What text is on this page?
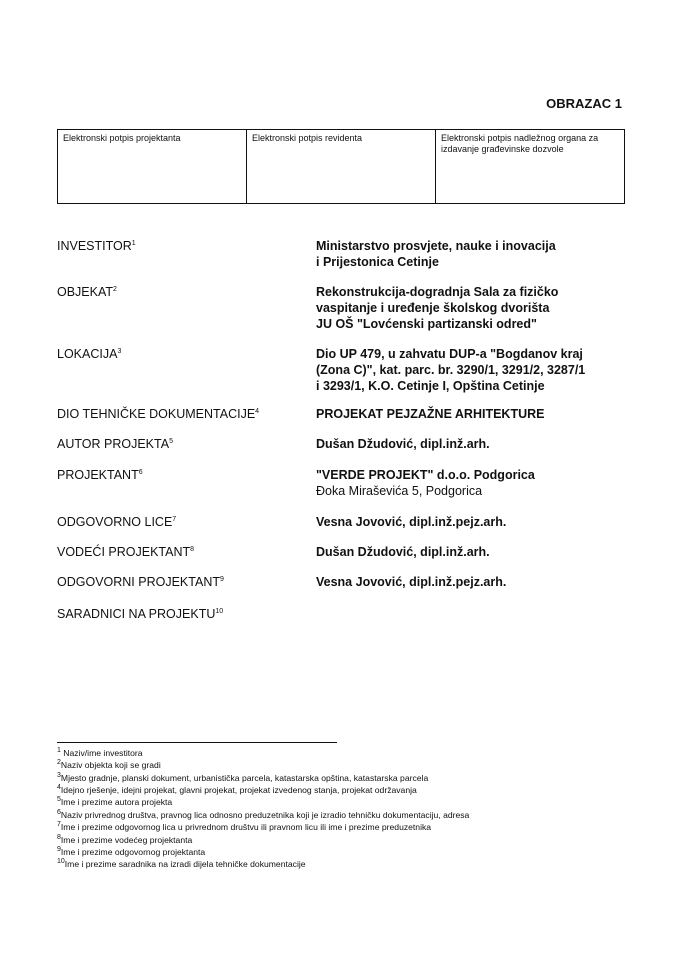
OBRAZAC 1
Elektronski potpis projektanta	Elektronski potpis revidenta	Elektronski potpis nadležnog organa za izdavanje građevinske dozvole
INVESTITOR$^1$	Ministarstvo prosvjete, nauke i inovacija
i Prijestonica Cetinje
OBJEKAT$^2$	Rekonstrukcija-dogradnja Sala za fizičko
vaspitanje i uređenje školskog dvorišta
JU OŠ "Lovćenski partizanski odred"
LOKACIJA$^3$	Dio UP 479, u zahvatu DUP-a "Bogdanov kraj
(Zona C)", kat. parc. br. 3290/1, 3291/2, 3287/1
i 3293/1, K.O. Cetinje I, Opština Cetinje
DIO TEHNIČKE DOKUMENTACIJE$^4$	PROJEKAT PEJZAŽNE ARHITEKTURE
AUTOR PROJEKTA$^5$	Dušan Džudović, dipl.inž.arh.
PROJEKTANT$^6$	"VERDE PROJEKT" d.o.o. Podgorica
Đoka Miraševića 5, Podgorica
ODGOVORNO LICE$^7$	Vesna Jovović, dipl.inž.pejz.arh.
VODEĆI PROJEKTANT$^8$	Dušan Džudović, dipl.inž.arh.
ODGOVORNI PROJEKTANT$^9$	Vesna Jovović, dipl.inž.pejz.arh.
SARADNICI NA PROJEKTU$^{10}$
$^1$ Naziv/ime investitora
$^2$Naziv objekta koji se gradi
$^3$Mjesto gradnje, planski dokument, urbanistička parcela, katastarska opština, katastarska parcela
$^4$Idejno rješenje, idejni projekat, glavni projekat, projekat izvedenog stanja, projekat održavanja
$^5$Ime i prezime autora projekta
$^6$Naziv privrednog društva, pravnog lica odnosno preduzetnika koji je izradio tehničku dokumentaciju, adresa
$^7$Ime i prezime odgovornog lica u privrednom društvu ili pravnom licu ili ime i prezime preduzetnika
$^8$Ime i prezime vodećeg projektanta
$^9$Ime i prezime odgovornog projektanta
$^{10}$Ime i prezime saradnika na izradi dijela tehničke dokumentacije
